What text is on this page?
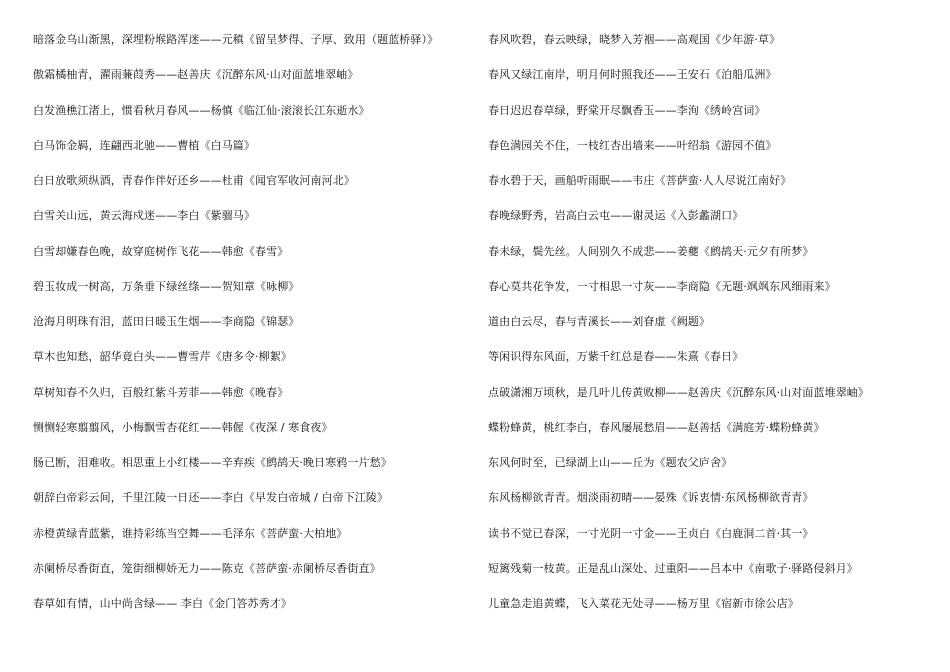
暗落金乌山渐黑，深埋粉堠路浑迷——元稹《留呈梦得、子厚、致用（题蓝桥驿）》
傲霜橘柚青，濯雨蒹葭秀——赵善庆《沉醉东风·山对面蓝堆翠岫》
白发渔樵江渚上，惯看秋月春风——杨慎《临江仙·滚滚长江东逝水》
白马饰金羁，连翩西北驰——曹植《白马篇》
白日放歌须纵酒，青春作伴好还乡——杜甫《闻官军收河南河北》
白雪关山远，黄云海戍迷——李白《紫骝马》
白雪却嫌春色晚，故穿庭树作飞花——韩愈《春雪》
碧玉妆成一树高，万条垂下绿丝绦——贺知章《咏柳》
沧海月明珠有泪，蓝田日暖玉生烟——李商隐《锦瑟》
草木也知愁，韶华竟白头——曹雪芹《唐多令·柳絮》
草树知春不久归，百般红紫斗芳菲——韩愈《晚春》
恻恻轻寒翦翦风，小梅飘雪杏花红——韩偓《夜深 / 寒食夜》
肠已断，泪难收。相思重上小红楼——辛弃疾《鹧鸪天·晚日寒鸦一片愁》
朝辞白帝彩云间，千里江陵一日还——李白《早发白帝城 / 白帝下江陵》
赤橙黄绿青蓝紫，谁持彩练当空舞——毛泽东《菩萨蛮·大柏地》
赤阑桥尽香街直，笼街细柳娇无力——陈克《菩萨蛮·赤阑桥尽香街直》
春草如有情，山中尚含绿—— 李白《金门答苏秀才》
春风吹碧，春云映绿，晓梦入芳裀——高观国《少年游·草》
春风又绿江南岸，明月何时照我还——王安石《泊船瓜洲》
春日迟迟春草绿，野棠开尽飘香玉——李洵《绣岭宫词》
春色满园关不住，一枝红杏出墙来——叶绍翁《游园不值》
春水碧于天，画船听雨眠——韦庄《菩萨蛮·人人尽说江南好》
春晚绿野秀，岩高白云屯——谢灵运《入彭蠡湖口》
春未绿，鬓先丝。人间别久不成悲——姜夔《鹧鸪天·元夕有所梦》
春心莫共花争发，一寸相思一寸灰——李商隐《无题·飒飒东风细雨来》
道由白云尽，春与青溪长——刘眘虚《阙题》
等闲识得东风面，万紫千红总是春——朱熹《春日》
点破潇湘万顷秋，是几叶儿传黄败柳——赵善庆《沉醉东风·山对面蓝堆翠岫》
蝶粉蜂黄，桃红李白，春风屡展愁眉——赵善括《满庭芳·蝶粉蜂黄》
东风何时至，已绿湖上山——丘为《题农父庐舍》
东风杨柳欲青青。烟淡雨初晴——晏殊《诉衷情·东风杨柳欲青青》
读书不觉已春深，一寸光阴一寸金——王贞白《白鹿洞二首·其一》
短篱残菊一枝黄。正是乱山深处、过重阳——吕本中《南歌子·驿路侵斜月》
儿童急走追黄蝶，飞入菜花无处寻——杨万里《宿新市徐公店》
